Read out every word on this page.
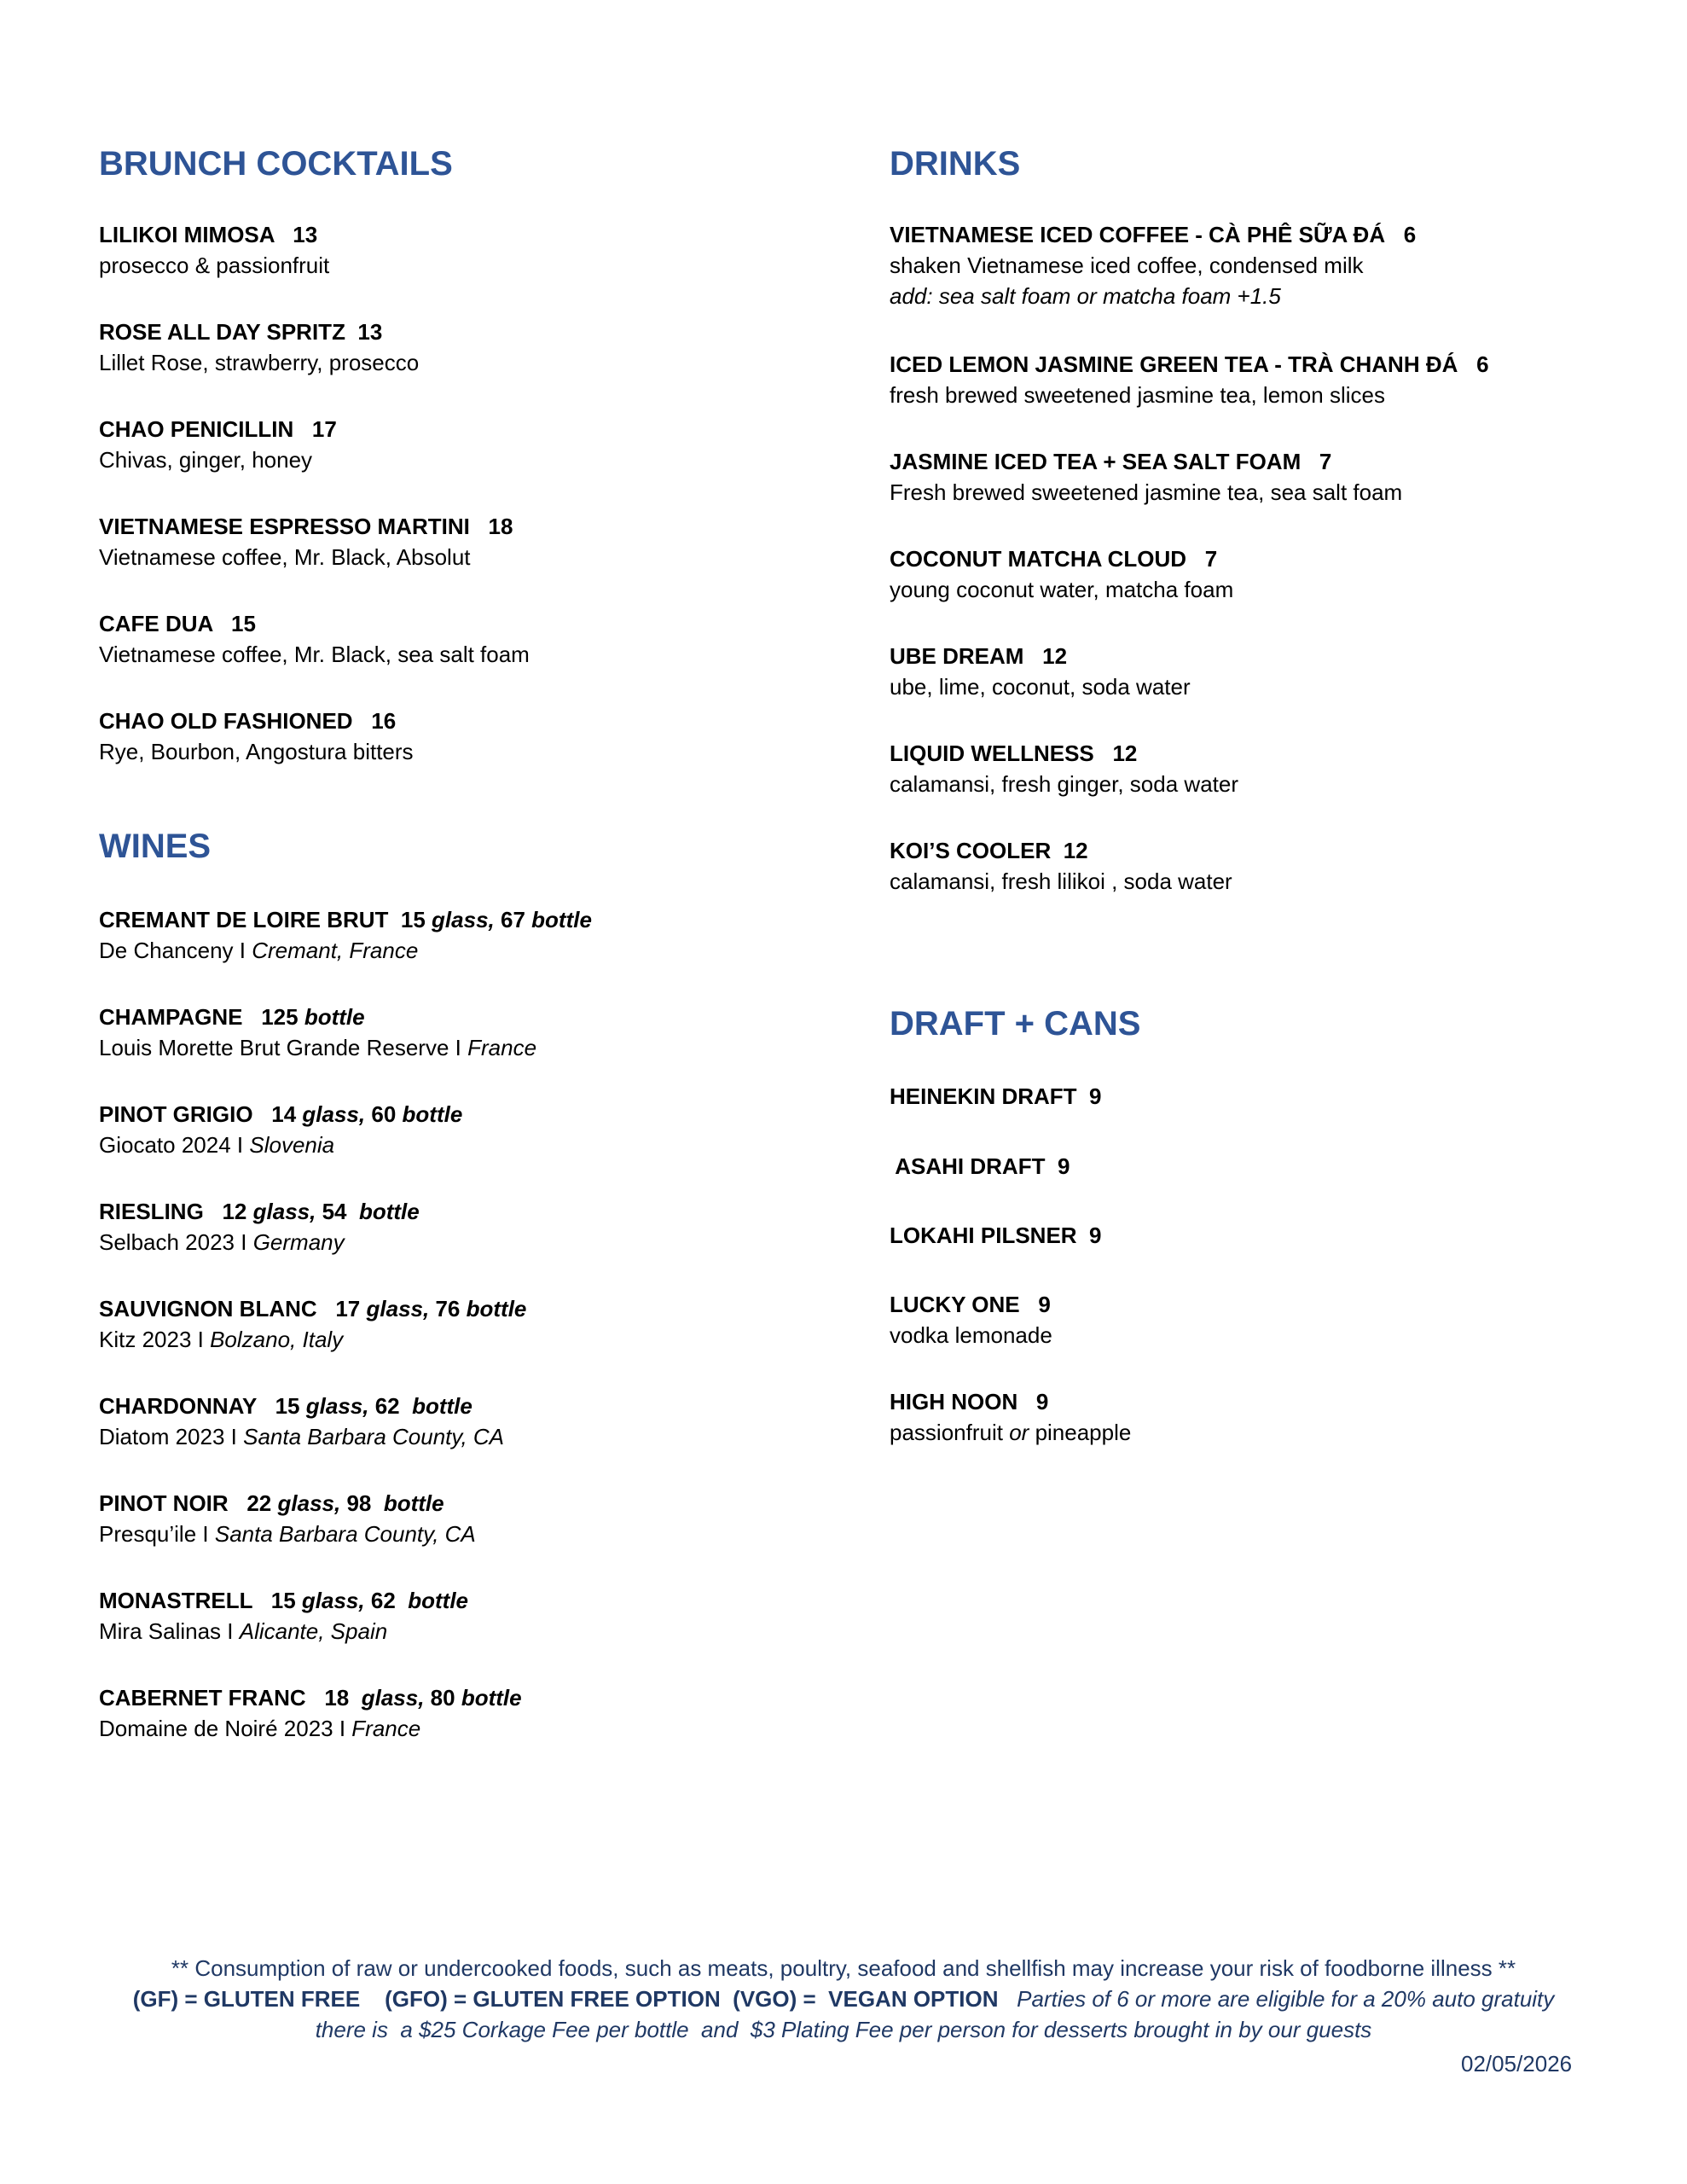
BRUNCH COCKTAILS
LILIKOI MIMOSA 13
prosecco & passionfruit
ROSE ALL DAY SPRITZ 13
Lillet Rose, strawberry, prosecco
CHAO PENICILLIN 17
Chivas, ginger, honey
VIETNAMESE ESPRESSO MARTINI 18
Vietnamese coffee, Mr. Black, Absolut
CAFE DUA 15
Vietnamese coffee, Mr. Black, sea salt foam
CHAO OLD FASHIONED 16
Rye, Bourbon, Angostura bitters
WINES
CREMANT DE LOIRE BRUT 15 glass, 67 bottle
De Chanceny I Cremant, France
CHAMPAGNE 125 bottle
Louis Morette Brut Grande Reserve I France
PINOT GRIGIO 14 glass, 60 bottle
Giocato 2024 I Slovenia
RIESLING 12 glass, 54 bottle
Selbach 2023 I Germany
SAUVIGNON BLANC 17 glass, 76 bottle
Kitz 2023 I Bolzano, Italy
CHARDONNAY 15 glass, 62 bottle
Diatom 2023 I Santa Barbara County, CA
PINOT NOIR 22 glass, 98 bottle
Presqu’ile I Santa Barbara County, CA
MONASTRELL 15 glass, 62 bottle
Mira Salinas I Alicante, Spain
CABERNET FRANC 18 glass, 80 bottle
Domaine de Noiré 2023 I France
DRINKS
VIETNAMESE ICED COFFEE - CÀ PHÊ SỮA ĐÁ 6
shaken Vietnamese iced coffee, condensed milk
add: sea salt foam or matcha foam +1.5
ICED LEMON JASMINE GREEN TEA - TRÀ CHANH ĐÁ 6
fresh brewed sweetened jasmine tea, lemon slices
JASMINE ICED TEA + SEA SALT FOAM 7
Fresh brewed sweetened jasmine tea, sea salt foam
COCONUT MATCHA CLOUD 7
young coconut water, matcha foam
UBE DREAM 12
ube, lime, coconut, soda water
LIQUID WELLNESS 12
calamansi, fresh ginger, soda water
KOI’S COOLER 12
calamansi, fresh lilikoi , soda water
DRAFT + CANS
HEINEKIN DRAFT 9
ASAHI DRAFT 9
LOKAHI PILSNER 9
LUCKY ONE 9
vodka lemonade
HIGH NOON 9
passionfruit or pineapple
** Consumption of raw or undercooked foods, such as meats, poultry, seafood and shellfish may increase your risk of foodborne illness **
(GF) = GLUTEN FREE    (GFO) = GLUTEN FREE OPTION  (VGO) =  VEGAN OPTION Parties of 6 or more are eligible for a 20% auto gratuity
there is  a $25 Corkage Fee per bottle  and  $3 Plating Fee per person for desserts brought in by our guests
02/05/2026
